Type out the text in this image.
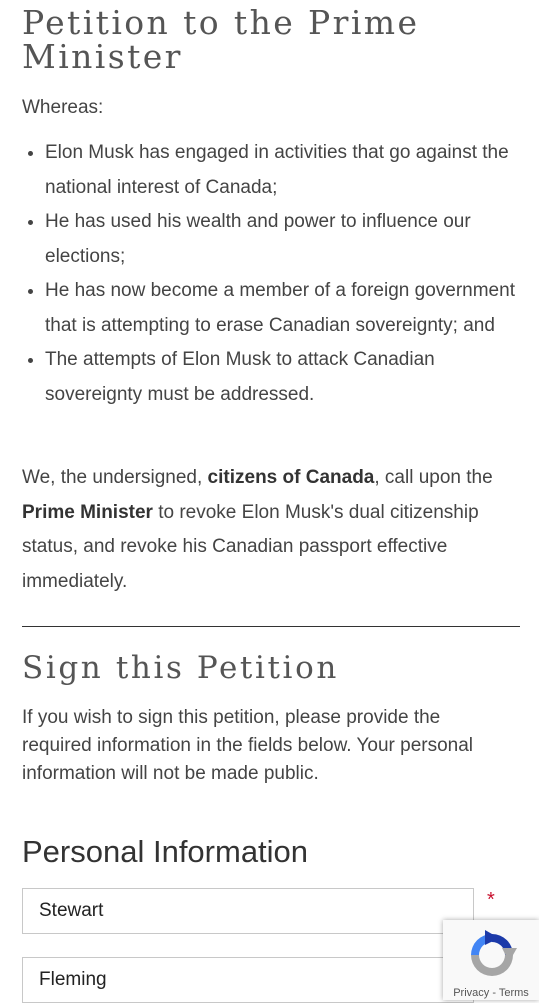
Petition to the Prime Minister
Whereas:
• Elon Musk has engaged in activities that go against the national interest of Canada;
• He has used his wealth and power to influence our elections;
• He has now become a member of a foreign government that is attempting to erase Canadian sovereignty; and
• The attempts of Elon Musk to attack Canadian sovereignty must be addressed.

We, the undersigned, citizens of Canada, call upon the Prime Minister to revoke Elon Musk's dual citizenship status, and revoke his Canadian passport effective immediately.

Sign this Petition

If you wish to sign this petition, please provide the required information in the fields below. Your personal information will not be made public.

Personal Information
Stewart
*
Fleming
Privacy - Terms
